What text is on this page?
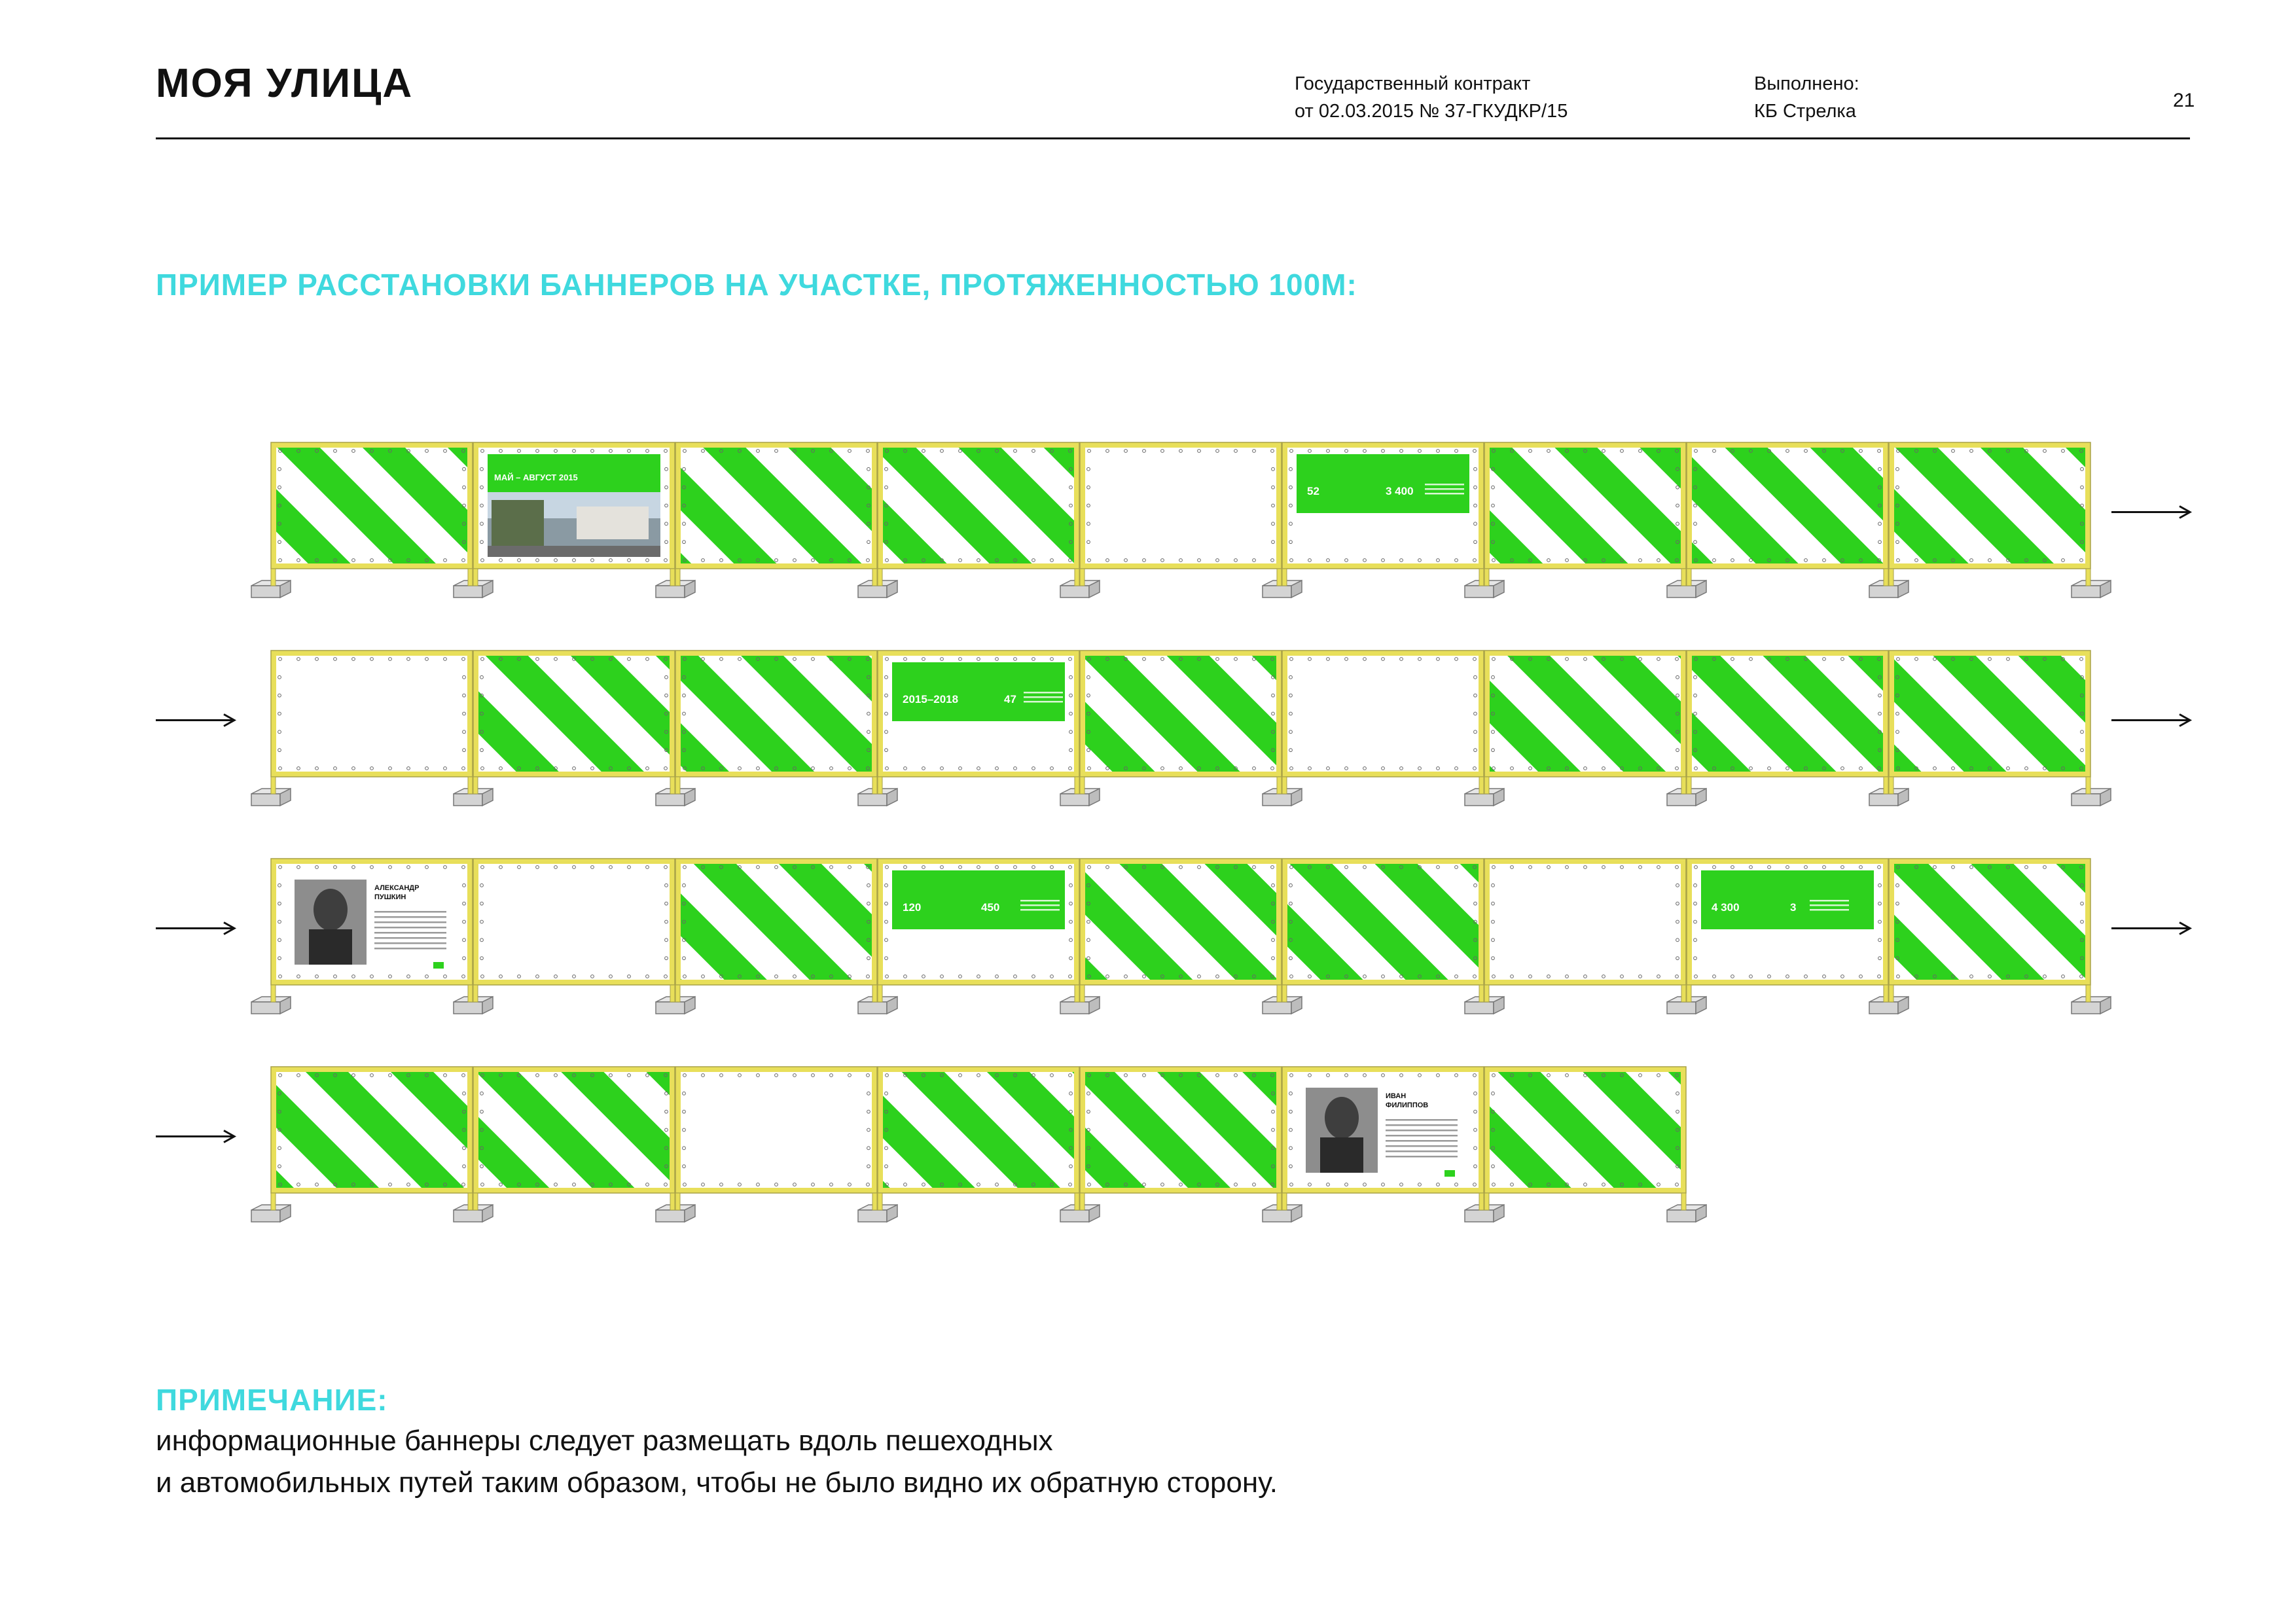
МОЯ УЛИЦА	Государственный контракт
от 02.03.2015 № 37-ГКУДКР/15
Выполнено:
КБ Стрелка	21
ПРИМЕР РАССТАНОВКИ БАННЕРОВ НА УЧАСТКЕ, ПРОТЯЖЕННОСТЬЮ 100М:
МАЙ – АВГУСТ 2015
52	3 400
2015–2018	47
АЛЕКСАНДР
ПУШКИН
120	450	4 300	3
ИВАН
ФИЛИППОВ
ПРИМЕЧАНИЕ:
информационные баннеры следует размещать вдоль пешеходных
и автомобильных путей таким образом, чтобы не было видно их обратную сторону.
